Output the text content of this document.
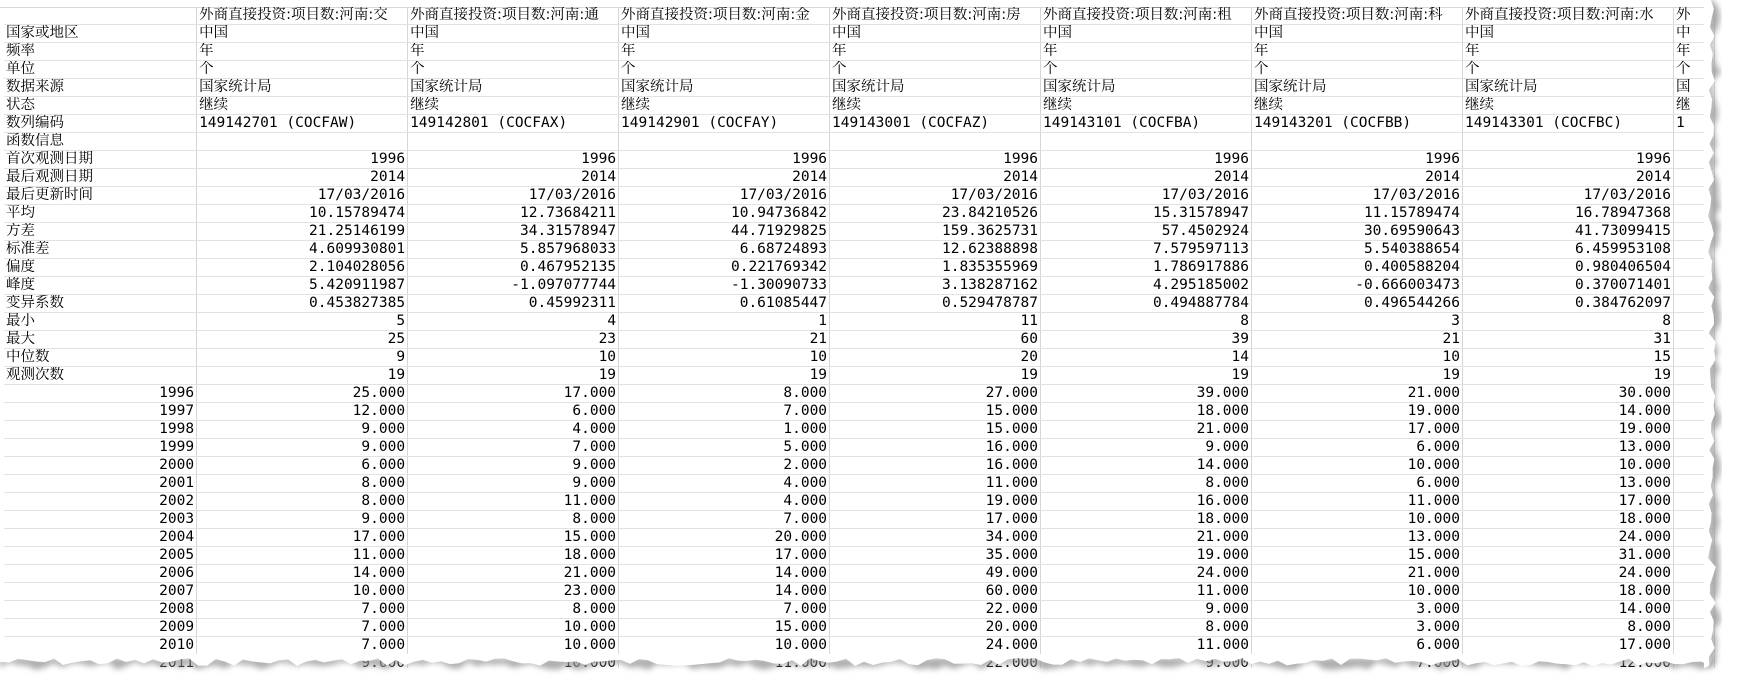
	外商直接投资:项目数:河南:交	外商直接投资:项目数:河南:通	外商直接投资:项目数:河南:金	外商直接投资:项目数:河南:房	外商直接投资:项目数:河南:租	外商直接投资:项目数:河南:科	外商直接投资:项目数:河南:水	外
国家或地区	中国	中国	中国	中国	中国	中国	中国	中
频率	年	年	年	年	年	年	年	年
单位	个	个	个	个	个	个	个	个
数据来源	国家统计局	国家统计局	国家统计局	国家统计局	国家统计局	国家统计局	国家统计局	国
状态	继续	继续	继续	继续	继续	继续	继续	继
数列编码	149142701 (COCFAW)	149142801 (COCFAX)	149142901 (COCFAY)	149143001 (COCFAZ)	149143101 (COCFBA)	149143201 (COCFBB)	149143301 (COCFBC)	1
函数信息								
首次观测日期	1996	1996	1996	1996	1996	1996	1996	
最后观测日期	2014	2014	2014	2014	2014	2014	2014	
最后更新时间	17/03/2016	17/03/2016	17/03/2016	17/03/2016	17/03/2016	17/03/2016	17/03/2016	
平均	10.15789474	12.73684211	10.94736842	23.84210526	15.31578947	11.15789474	16.78947368	
方差	21.25146199	34.31578947	44.71929825	159.3625731	57.4502924	30.69590643	41.73099415	
标准差	4.609930801	5.857968033	6.68724893	12.62388898	7.579597113	5.540388654	6.459953108	
偏度	2.104028056	0.467952135	0.221769342	1.835355969	1.786917886	0.400588204	0.980406504	
峰度	5.420911987	-1.097077744	-1.30090733	3.138287162	4.295185002	-0.666003473	0.370071401	
变异系数	0.453827385	0.45992311	0.61085447	0.529478787	0.494887784	0.496544266	0.384762097	
最小	5	4	1	11	8	3	8	
最大	25	23	21	60	39	21	31	
中位数	9	10	10	20	14	10	15	
观测次数	19	19	19	19	19	19	19	
1996	25.000	17.000	8.000	27.000	39.000	21.000	30.000	
1997	12.000	6.000	7.000	15.000	18.000	19.000	14.000	
1998	9.000	4.000	1.000	15.000	21.000	17.000	19.000	
1999	9.000	7.000	5.000	16.000	9.000	6.000	13.000	
2000	6.000	9.000	2.000	16.000	14.000	10.000	10.000	
2001	8.000	9.000	4.000	11.000	8.000	6.000	13.000	
2002	8.000	11.000	4.000	19.000	16.000	11.000	17.000	
2003	9.000	8.000	7.000	17.000	18.000	10.000	18.000	
2004	17.000	15.000	20.000	34.000	21.000	13.000	24.000	
2005	11.000	18.000	17.000	35.000	19.000	15.000	31.000	
2006	14.000	21.000	14.000	49.000	24.000	21.000	24.000	
2007	10.000	23.000	14.000	60.000	11.000	10.000	18.000	
2008	7.000	8.000	7.000	22.000	9.000	3.000	14.000	
2009	7.000	10.000	15.000	20.000	8.000	3.000	8.000	
2010	7.000	10.000	10.000	24.000	11.000	6.000	17.000	
